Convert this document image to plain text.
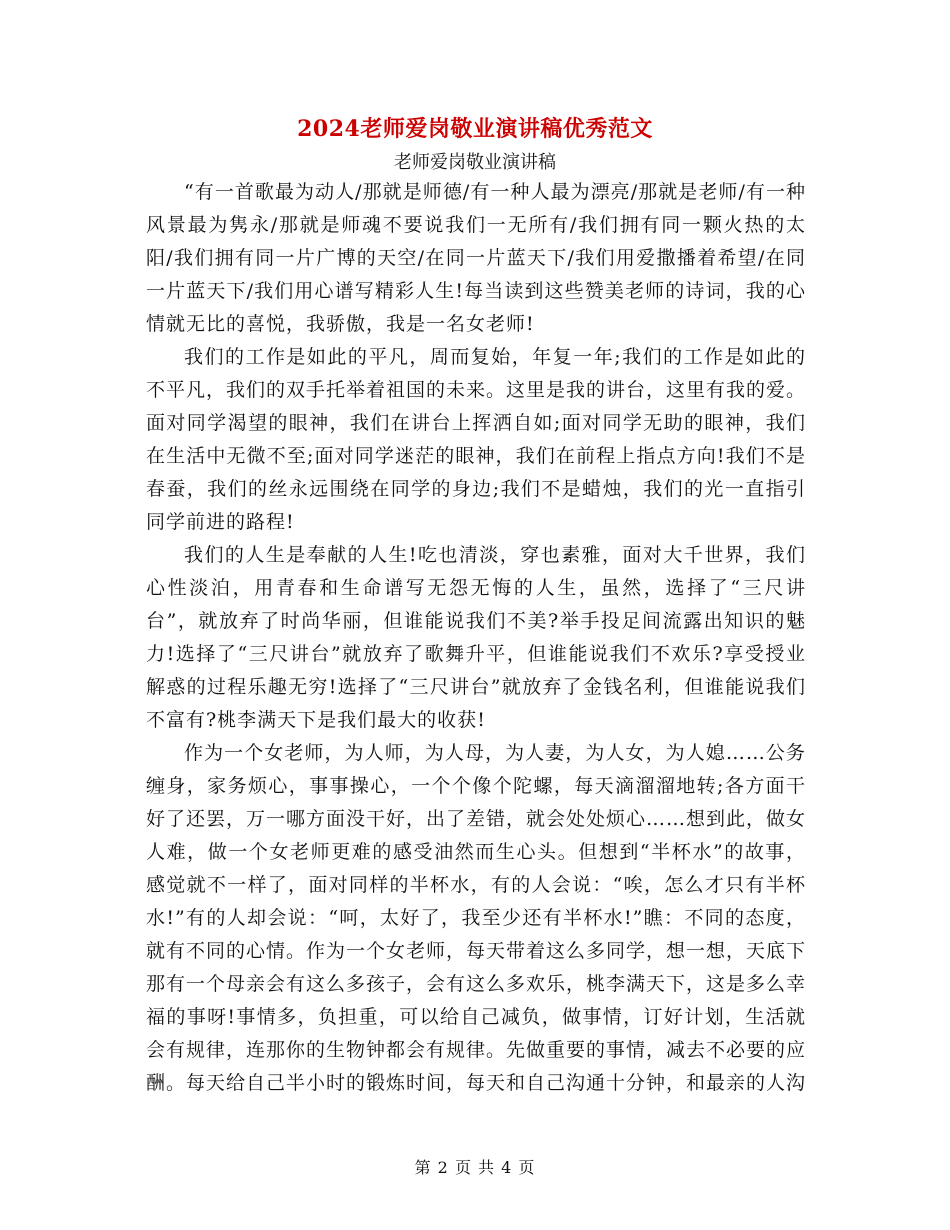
2024老师爱岗敬业演讲稿优秀范文
老师爱岗敬业演讲稿

“有一首歌最为动人/那就是师德/有一种人最为漂亮/那就是老师/有一种风景最为隽永/那就是师魂不要说我们一无所有/我们拥有同一颗火热的太阳/我们拥有同一片广博的天空/在同一片蓝天下/我们用爱撒播着希望/在同一片蓝天下/我们用心谱写精彩人生!每当读到这些赞美老师的诗词，我的心情就无比的喜悦，我骄傲，我是一名女老师!

我们的工作是如此的平凡，周而复始，年复一年;我们的工作是如此的不平凡，我们的双手托举着祖国的未来。这里是我的讲台，这里有我的爱。面对同学渴望的眼神，我们在讲台上挥洒自如;面对同学无助的眼神，我们在生活中无微不至;面对同学迷茫的眼神，我们在前程上指点方向!我们不是春蚕，我们的丝永远围绕在同学的身边;我们不是蜡烛，我们的光一直指引同学前进的路程!

我们的人生是奉献的人生!吃也清淡，穿也素雅，面对大千世界，我们心性淡泊，用青春和生命谱写无怨无悔的人生，虽然，选择了“三尺讲台”，就放弃了时尚华丽，但谁能说我们不美?举手投足间流露出知识的魅力!选择了“三尺讲台”就放弃了歌舞升平，但谁能说我们不欢乐?享受授业解惑的过程乐趣无穷!选择了“三尺讲台”就放弃了金钱名利，但谁能说我们不富有?桃李满天下是我们最大的收获!

作为一个女老师，为人师，为人母，为人妻，为人女，为人媳……公务缠身，家务烦心，事事操心，一个个像个陀螺，每天滴溜溜地转;各方面干好了还罢，万一哪方面没干好，出了差错，就会处处烦心……想到此，做女人难，做一个女老师更难的感受油然而生心头。但想到“半杯水”的故事，感觉就不一样了，面对同样的半杯水，有的人会说：“唉，怎么才只有半杯水!”有的人却会说：“呵，太好了，我至少还有半杯水!”瞧：不同的态度，就有不同的心情。作为一个女老师，每天带着这么多同学，想一想，天底下那有一个母亲会有这么多孩子，会有这么多欢乐，桃李满天下，这是多么幸福的事呀!事情多，负担重，可以给自己减负，做事情，订好计划，生活就会有规律，连那你的生物钟都会有规律。先做重要的事情，减去不必要的应酬。每天给自己半小时的锻炼时间，每天和自己沟通十分钟，和最亲的人沟

第 2 页 共 4 页
